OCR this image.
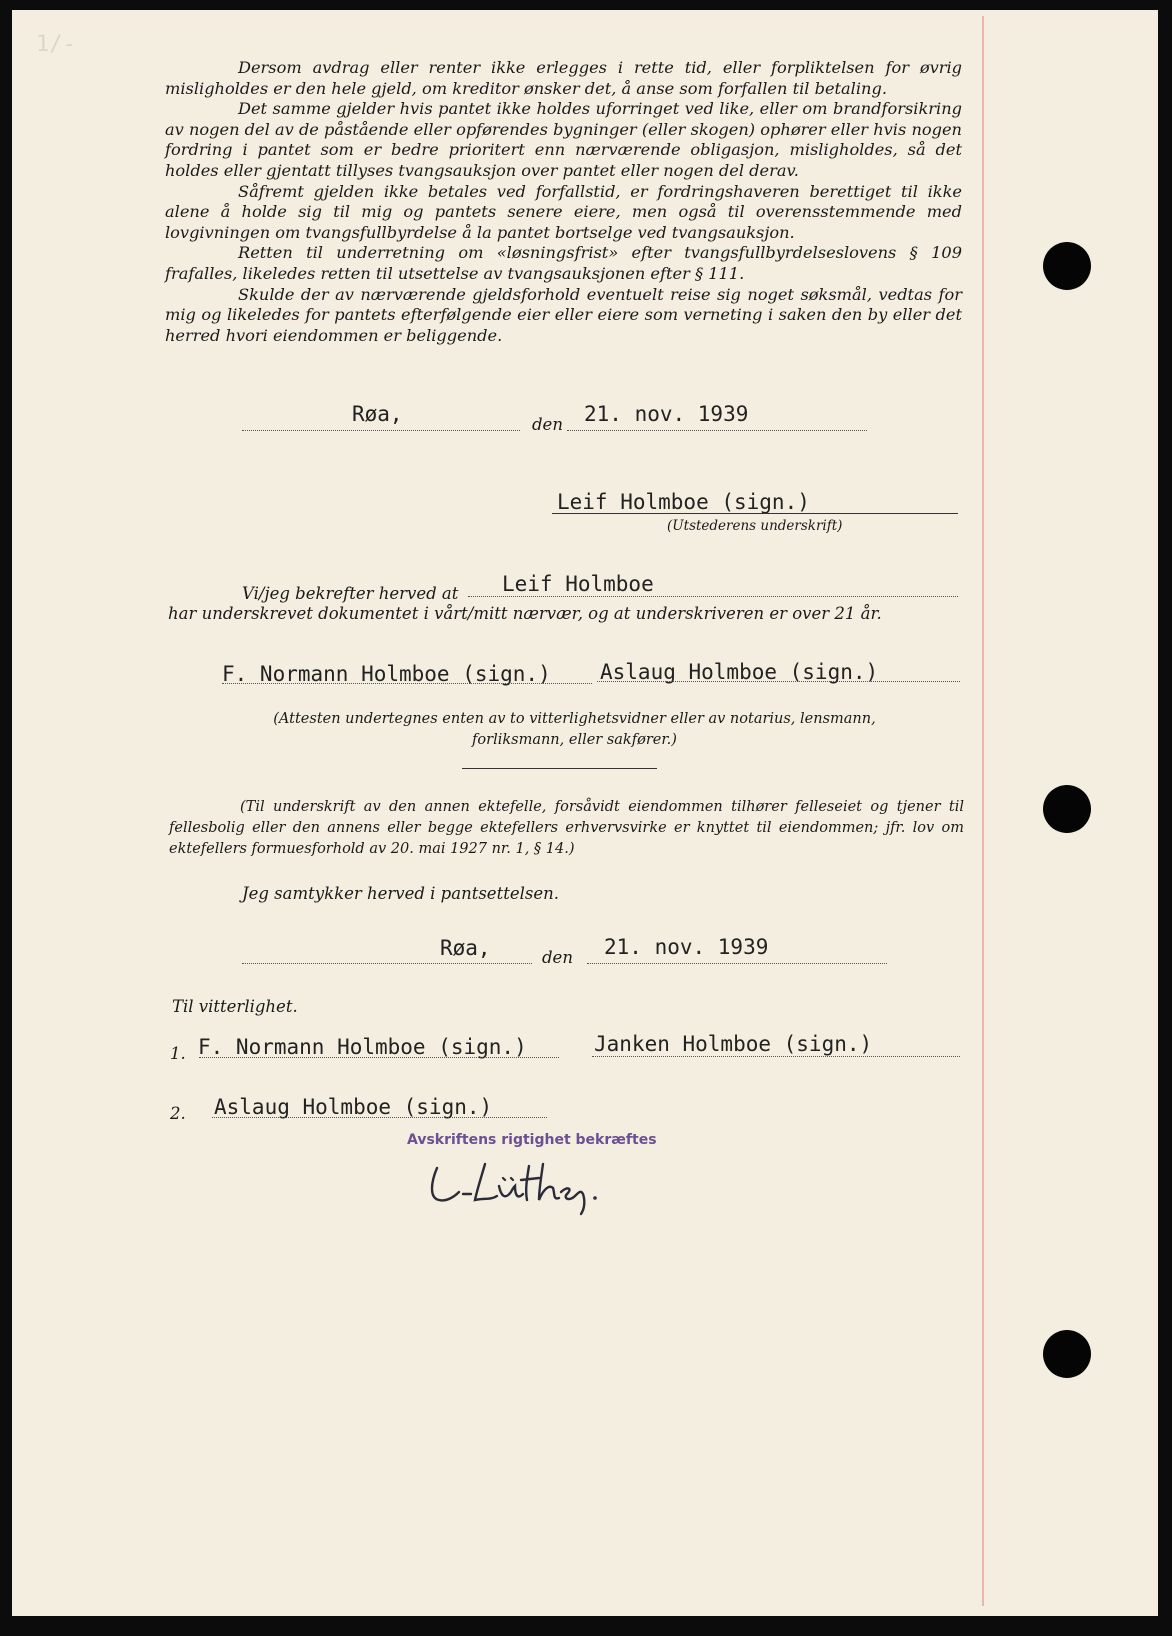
1/-

Dersom avdrag eller renter ikke erlegges i rette tid, eller forpliktelsen for øvrig misligholdes er den hele gjeld, om kreditor ønsker det, å anse som forfallen til betaling.

Det samme gjelder hvis pantet ikke holdes uforringet ved like, eller om brandforsikring av nogen del av de påstående eller opførendes bygninger (eller skogen) ophører eller hvis nogen fordring i pantet som er bedre prioritert enn nærværende obligasjon, misligholdes, så det holdes eller gjentatt tillyses tvangsauksjon over pantet eller nogen del derav.

Såfremt gjelden ikke betales ved forfallstid, er fordringshaveren berettiget til ikke alene å holde sig til mig og pantets senere eiere, men også til overensstemmende med lovgivningen om tvangsfullbyrdelse å la pantet bortselge ved tvangsauksjon.

Retten til underretning om «løsningsfrist» efter tvangsfullbyrdelseslovens § 109 frafalles, likeledes retten til utsettelse av tvangsauksjonen efter § 111.

Skulde der av nærværende gjeldsforhold eventuelt reise sig noget søksmål, vedtas for mig og likeledes for pantets efterfølgende eier eller eiere som verneting i saken den by eller det herred hvori eiendommen er beliggende.

Røa,	den 21. nov. 1939
Leif Holmboe (sign.)
(Utstederens underskrift)
Vi/jeg bekrefter herved at Leif Holmboe
har underskrevet dokumentet i vårt/mitt nærvær, og at underskriveren er over 21 år.
F. Normann Holmboe (sign.) Aslaug Holmboe (sign.)
(Attesten undertegnes enten av to vitterlighetsvidner eller av notarius, lensmann, forliksmann, eller sakfører.)
(Til underskrift av den annen ektefelle, forsåvidt eiendommen tilhører felleseiet og tjener til fellesbolig eller den annens eller begge ektefellers erhvervsvirke er knyttet til eiendommen; jfr. lov om ektefellers formuesforhold av 20. mai 1927 nr. 1, § 14.)
Jeg samtykker herved i pantsettelsen.
Røa,	den 21. nov. 1939
Til vitterlighet.
1. F. Normann Holmboe (sign.)	Janken Holmboe (sign.)
2. Aslaug Holmboe (sign.)
Avskriftens rigtighet bekræftes
